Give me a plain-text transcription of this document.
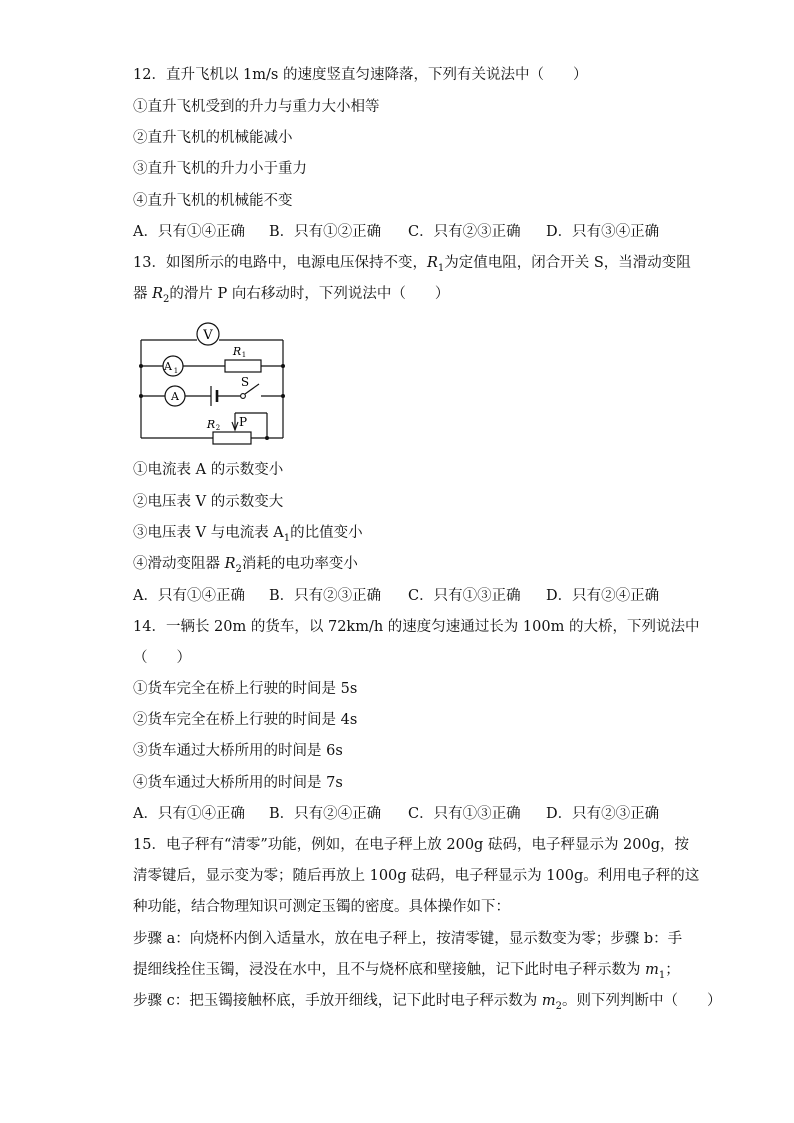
12．直升飞机以 1m/s 的速度竖直匀速降落，下列有关说法中（　　）
①直升飞机受到的升力与重力大小相等
②直升飞机的机械能减小
③直升飞机的升力小于重力
④直升飞机的机械能不变
A．只有①④正确 B．只有①②正确 C．只有②③正确 D．只有③④正确
13．如图所示的电路中，电源电压保持不变，$R_1$为定值电阻，闭合开关 S，当滑动变阻
器 $R_2$的滑片 P 向右移动时，下列说法中（　　）
V
A 1
R 1
A
S
R 2 P
①电流表 A 的示数变小
②电压表 V 的示数变大
③电压表 V 与电流表 $A_1$的比值变小
④滑动变阻器 $R_2$消耗的电功率变小
A．只有①④正确 B．只有②③正确 C．只有①③正确 D．只有②④正确
14．一辆长 20m 的货车，以 72km/h 的速度匀速通过长为 100m 的大桥，下列说法中
（　　）
①货车完全在桥上行驶的时间是 5s
②货车完全在桥上行驶的时间是 4s
③货车通过大桥所用的时间是 6s
④货车通过大桥所用的时间是 7s
A．只有①④正确 B．只有②④正确 C．只有①③正确 D．只有②③正确
15．电子秤有“清零”功能，例如，在电子秤上放 200g 砝码，电子秤显示为 200g，按
清零键后，显示变为零；随后再放上 100g 砝码，电子秤显示为 100g。利用电子秤的这
种功能，结合物理知识可测定玉镯的密度。具体操作如下：
步骤 a：向烧杯内倒入适量水，放在电子秤上，按清零键，显示数变为零；步骤 b：手
提细线拴住玉镯，浸没在水中，且不与烧杯底和壁接触，记下此时电子秤示数为 $m_1$；
步骤 c：把玉镯接触杯底，手放开细线，记下此时电子秤示数为 $m_2$。则下列判断中（　　）
